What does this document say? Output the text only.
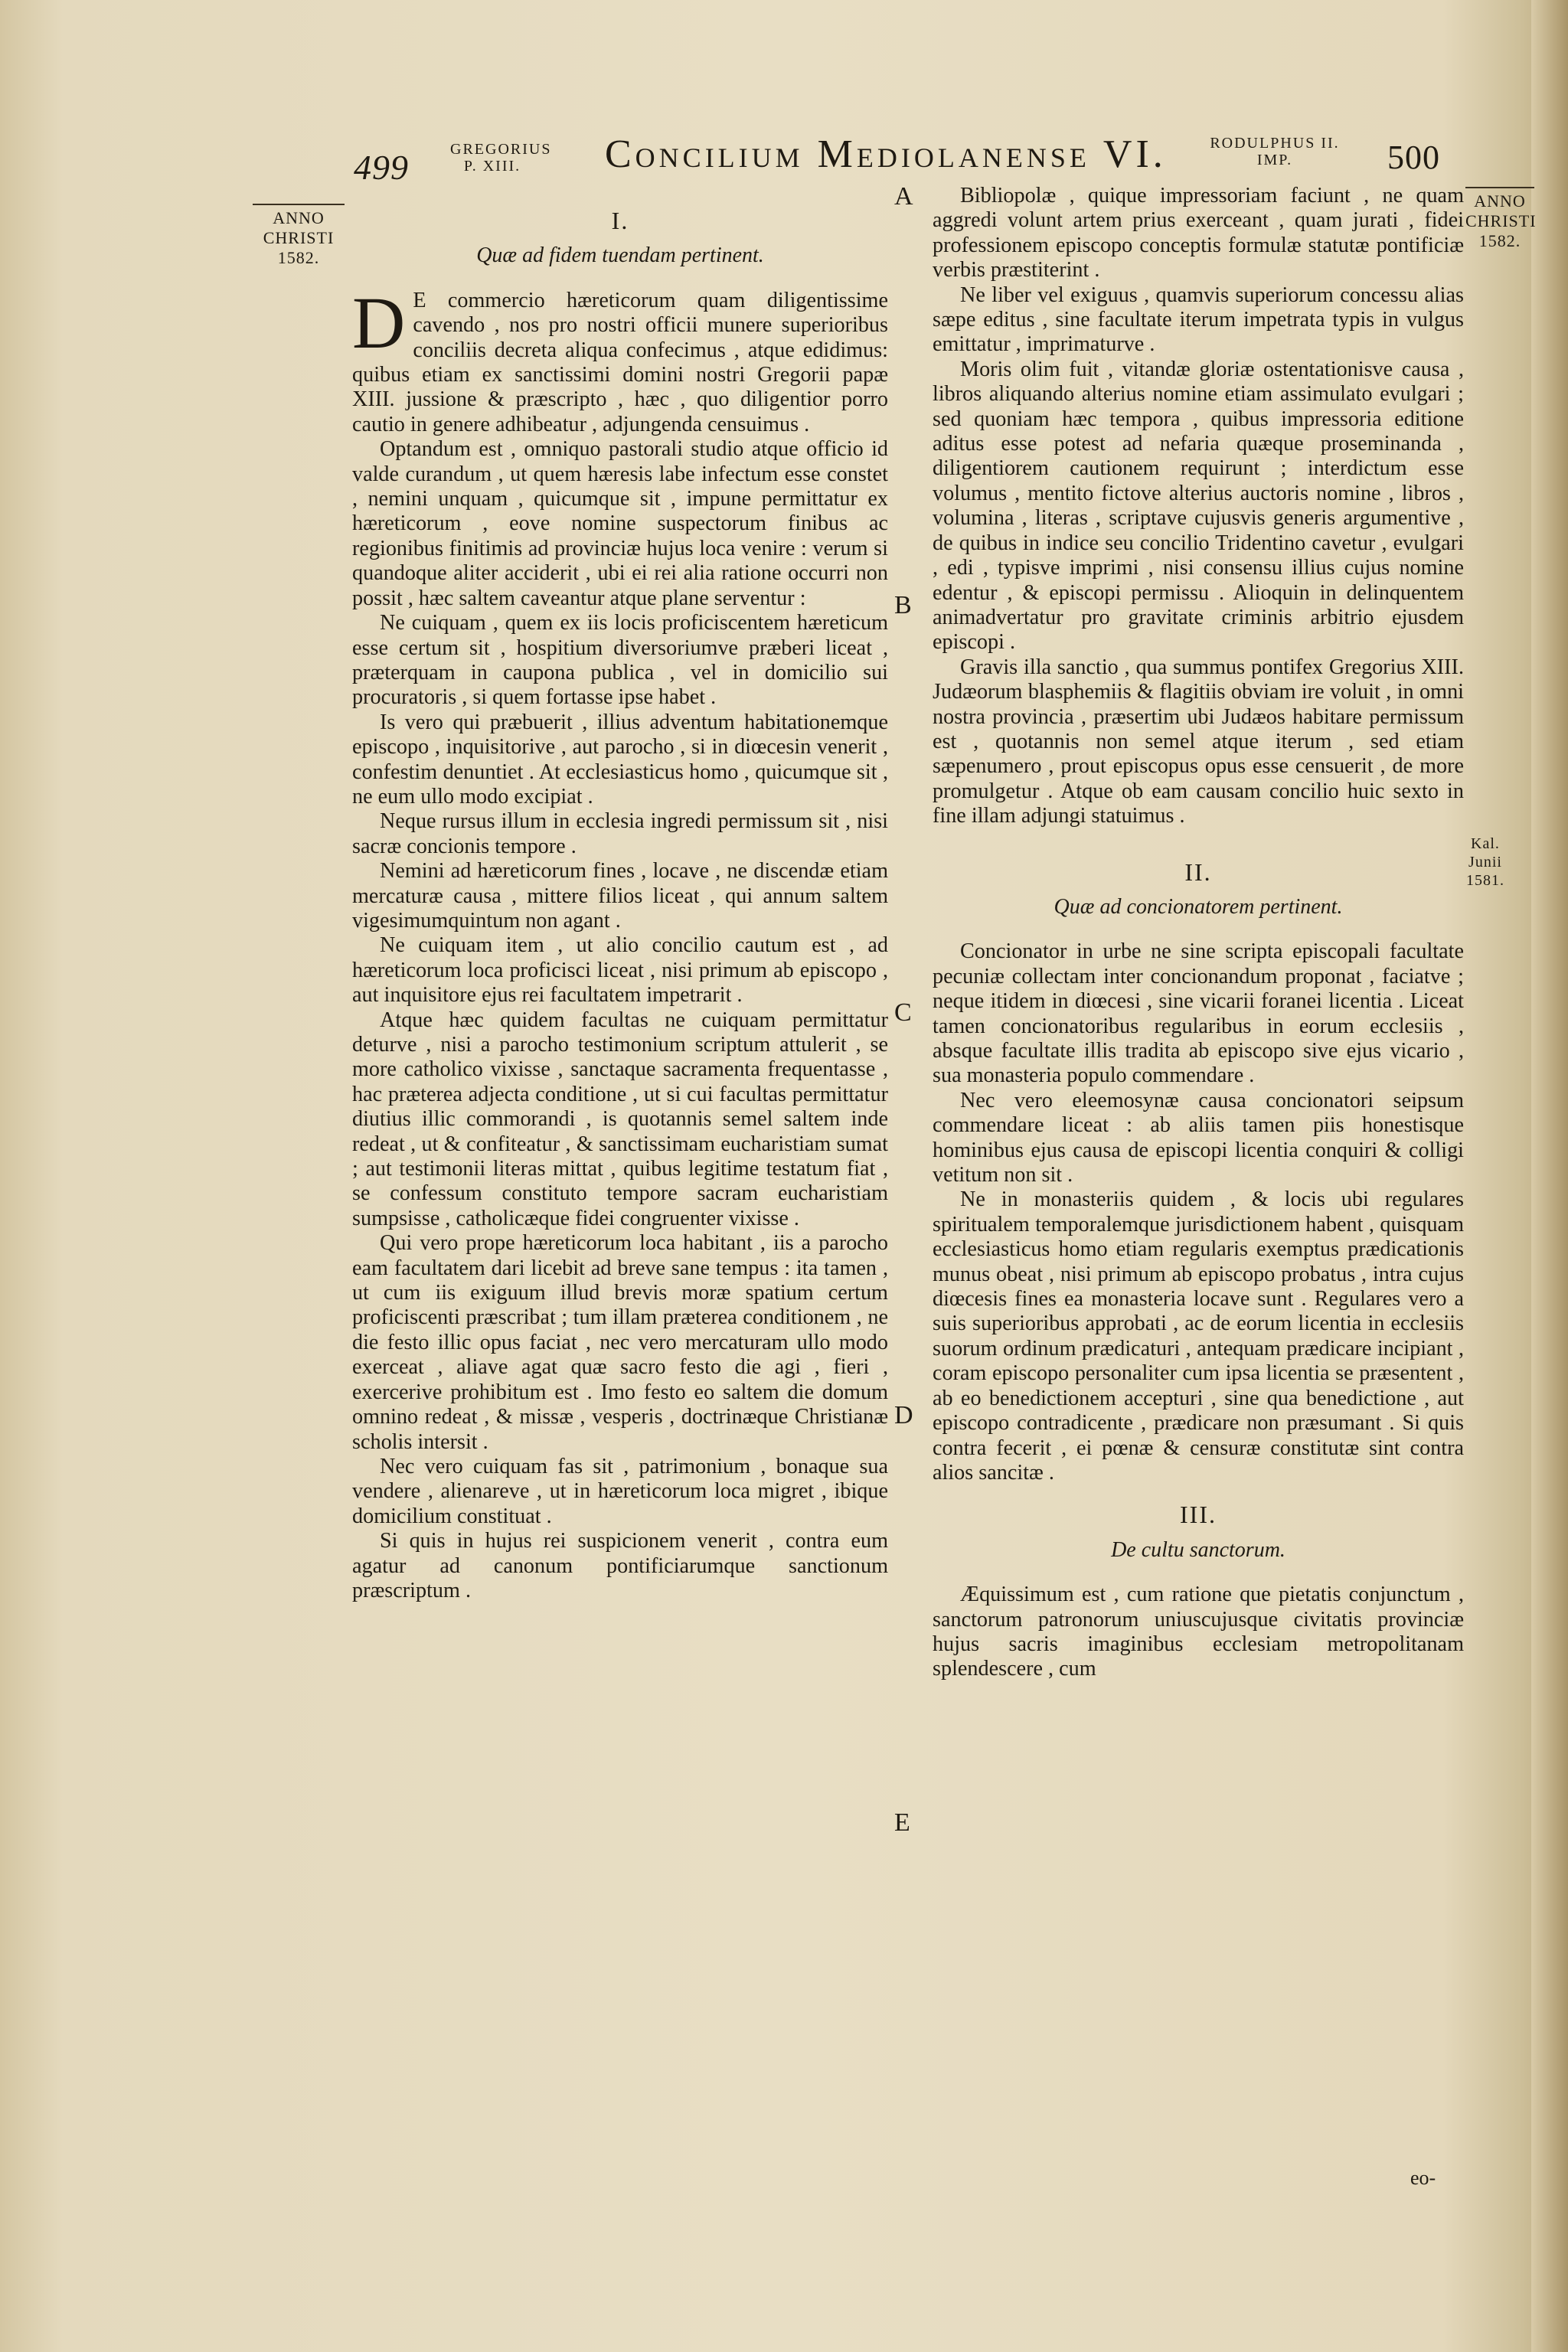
499	GREGORIUS
P. XIII.	Concilium Mediolanense VI.	RODULPHUS II.
IMP.	500
ANNO
CHRISTI
1582.
ANNO
CHRISTI
1582.
Kal. Junii
1581.
A
B
C
D
E
I.
Quæ ad fidem tuendam pertinent.

D E commercio hæreticorum quam diligentissime cavendo , nos pro nostri officii munere superioribus conciliis decreta aliqua confecimus , atque edidimus: quibus etiam ex sanctissimi domini nostri Gregorii papæ XIII. jussione & præscripto , hæc , quo diligentior porro cautio in genere adhibeatur , adjungenda censuimus .

Optandum est , omniquo pastorali studio atque officio id valde curandum , ut quem hæresis labe infectum esse constet , nemini unquam , quicumque sit , impune permittatur ex hæreticorum , eove nomine suspectorum finibus ac regionibus finitimis ad provinciæ hujus loca venire : verum si quandoque aliter acciderit , ubi ei rei alia ratione occurri non possit , hæc saltem caveantur atque plane serventur :

Ne cuiquam , quem ex iis locis proficiscentem hæreticum esse certum sit , hospitium diversoriumve præberi liceat , præterquam in cauponа publica , vel in domicilio sui procuratoris , si quem fortasse ipse habet .

Is vero qui præbuerit , illius adventum habitationemque episcopo , inquisitorive , aut parocho , si in diœcesin venerit , confestim denuntiet . At ecclesiasticus homo , quicumque sit , ne eum ullo modo excipiat .

Neque rursus illum in ecclesia ingredi permissum sit , nisi sacræ concionis tempore .

Nemini ad hæreticorum fines , locave , ne discendæ etiam mercaturæ causa , mittere filios liceat , qui annum saltem vigesimumquintum non agant .

Ne cuiquam item , ut alio concilio cautum est , ad hæreticorum loca proficisci liceat , nisi primum ab episcopo , aut inquisitore ejus rei facultatem impetrarit .

Atque hæc quidem facultas ne cuiquam permittatur deturve , nisi a parocho testimonium scriptum attulerit , se more catholico vixisse , sanctaque sacramenta frequentasse , hac præterea adjecta conditione , ut si cui facultas permittatur diutius illic commorandi , is quotannis semel saltem inde redeat , ut & confiteatur , & sanctissimam eucharistiam sumat ; aut testimonii literas mittat , quibus legitime testatum fiat , se confessum constituto tempore sacram eucharistiam sumpsisse , catholicæque fidei congruenter vixisse .

Qui vero prope hæreticorum loca habitant , iis a parocho eam facultatem dari licebit ad breve sane tempus : ita tamen , ut cum iis exiguum illud brevis moræ spatium certum proficiscenti præscribat ; tum illam præterea conditionem , ne die festo illic opus faciat , nec vero mercaturam ullo modo exerceat , aliave agat quæ sacro festo die agi , fieri , exercerive prohibitum est . Imo festo eo saltem die domum omnino redeat , & missæ , vesperis , doctrinæque Christianæ scholis intersit .

Nec vero cuiquam fas sit , patrimonium , bonaque sua vendere , alienareve , ut in hæreticorum loca migret , ibique domicilium constituat .

Si quis in hujus rei suspicionem venerit , contra eum agatur ad canonum pontificiarumque sanctionum præscriptum .

Bibliopolæ , quique impressoriam faciunt , ne quam aggredi volunt artem prius exerceant , quam jurati , fidei professionem episcopo conceptis formulæ statutæ pontificiæ verbis præstiterint .

Ne liber vel exiguus , quamvis superiorum concessu alias sæpe editus , sine facultate iterum impetrata typis in vulgus emittatur , imprimaturve .

Moris olim fuit , vitandæ gloriæ ostentationisve causa , libros aliquando alterius nomine etiam assimulato evulgari ; sed quoniam hæc tempora , quibus impressoria editione aditus esse potest ad nefaria quæque proseminanda , diligentiorem cautionem requirunt ; interdictum esse volumus , mentito fictove alterius auctoris nomine , libros , volumina , literas , scriptave cujusvis generis argumentive , de quibus in indice seu concilio Tridentino cavetur , evulgari , edi , typisve imprimi , nisi consensu illius cujus nomine edentur , & episcopi permissu . Alioquin in delinquentem animadvertatur pro gravitate criminis arbitrio ejusdem episcopi .

Gravis illa sanctio , qua summus pontifex Gregorius XIII. Judæorum blasphemiis & flagitiis obviam ire voluit , in omni nostra provincia , præsertim ubi Judæos habitare permissum est , quotannis non semel atque iterum , sed etiam sæpenumero , prout episcopus opus esse censuerit , de more promulgetur . Atque ob eam causam concilio huic sexto in fine illam adjungi statuimus .

II.
Quæ ad concionatorem pertinent.

Concionator in urbe ne sine scripta episcopali facultate pecuniæ collectam inter concionandum proponat , faciatve ; neque itidem in diœcesi , sine vicarii foranei licentia . Liceat tamen concionatoribus regularibus in eorum ecclesiis , absque facultate illis tradita ab episcopo sive ejus vicario , sua monasteria populo commendare .

Nec vero eleemosynæ causa concionatori seipsum commendare liceat : ab aliis tamen piis honestisque hominibus ejus causa de episcopi licentia conquiri & colligi vetitum non sit .

Ne in monasteriis quidem , & locis ubi regulares spiritualem temporalemque jurisdictionem habent , quisquam ecclesiasticus homo etiam regularis exemptus prædicationis munus obeat , nisi primum ab episcopo probatus , intra cujus diœcesis fines ea monasteria locave sunt . Regulares vero a suis superioribus approbati , ac de eorum licentia in ecclesiis suorum ordinum prædicaturi , antequam prædicare incipiant , coram episcopo personaliter cum ipsa licentia se præsentent , ab eo benedictionem accepturi , sine qua benedictione , aut episcopo contradicente , prædicare non præsumant . Si quis contra fecerit , ei pœnæ & censuræ constitutæ sint contra alios sancitæ .

III.
De cultu sanctorum.

Æquissimum est , cum ratione que pietatis conjunctum , sanctorum patronorum uniuscujusque civitatis provinciæ hujus sacris imaginibus ecclesiam metropolitanam splendescere , cum

eo-
